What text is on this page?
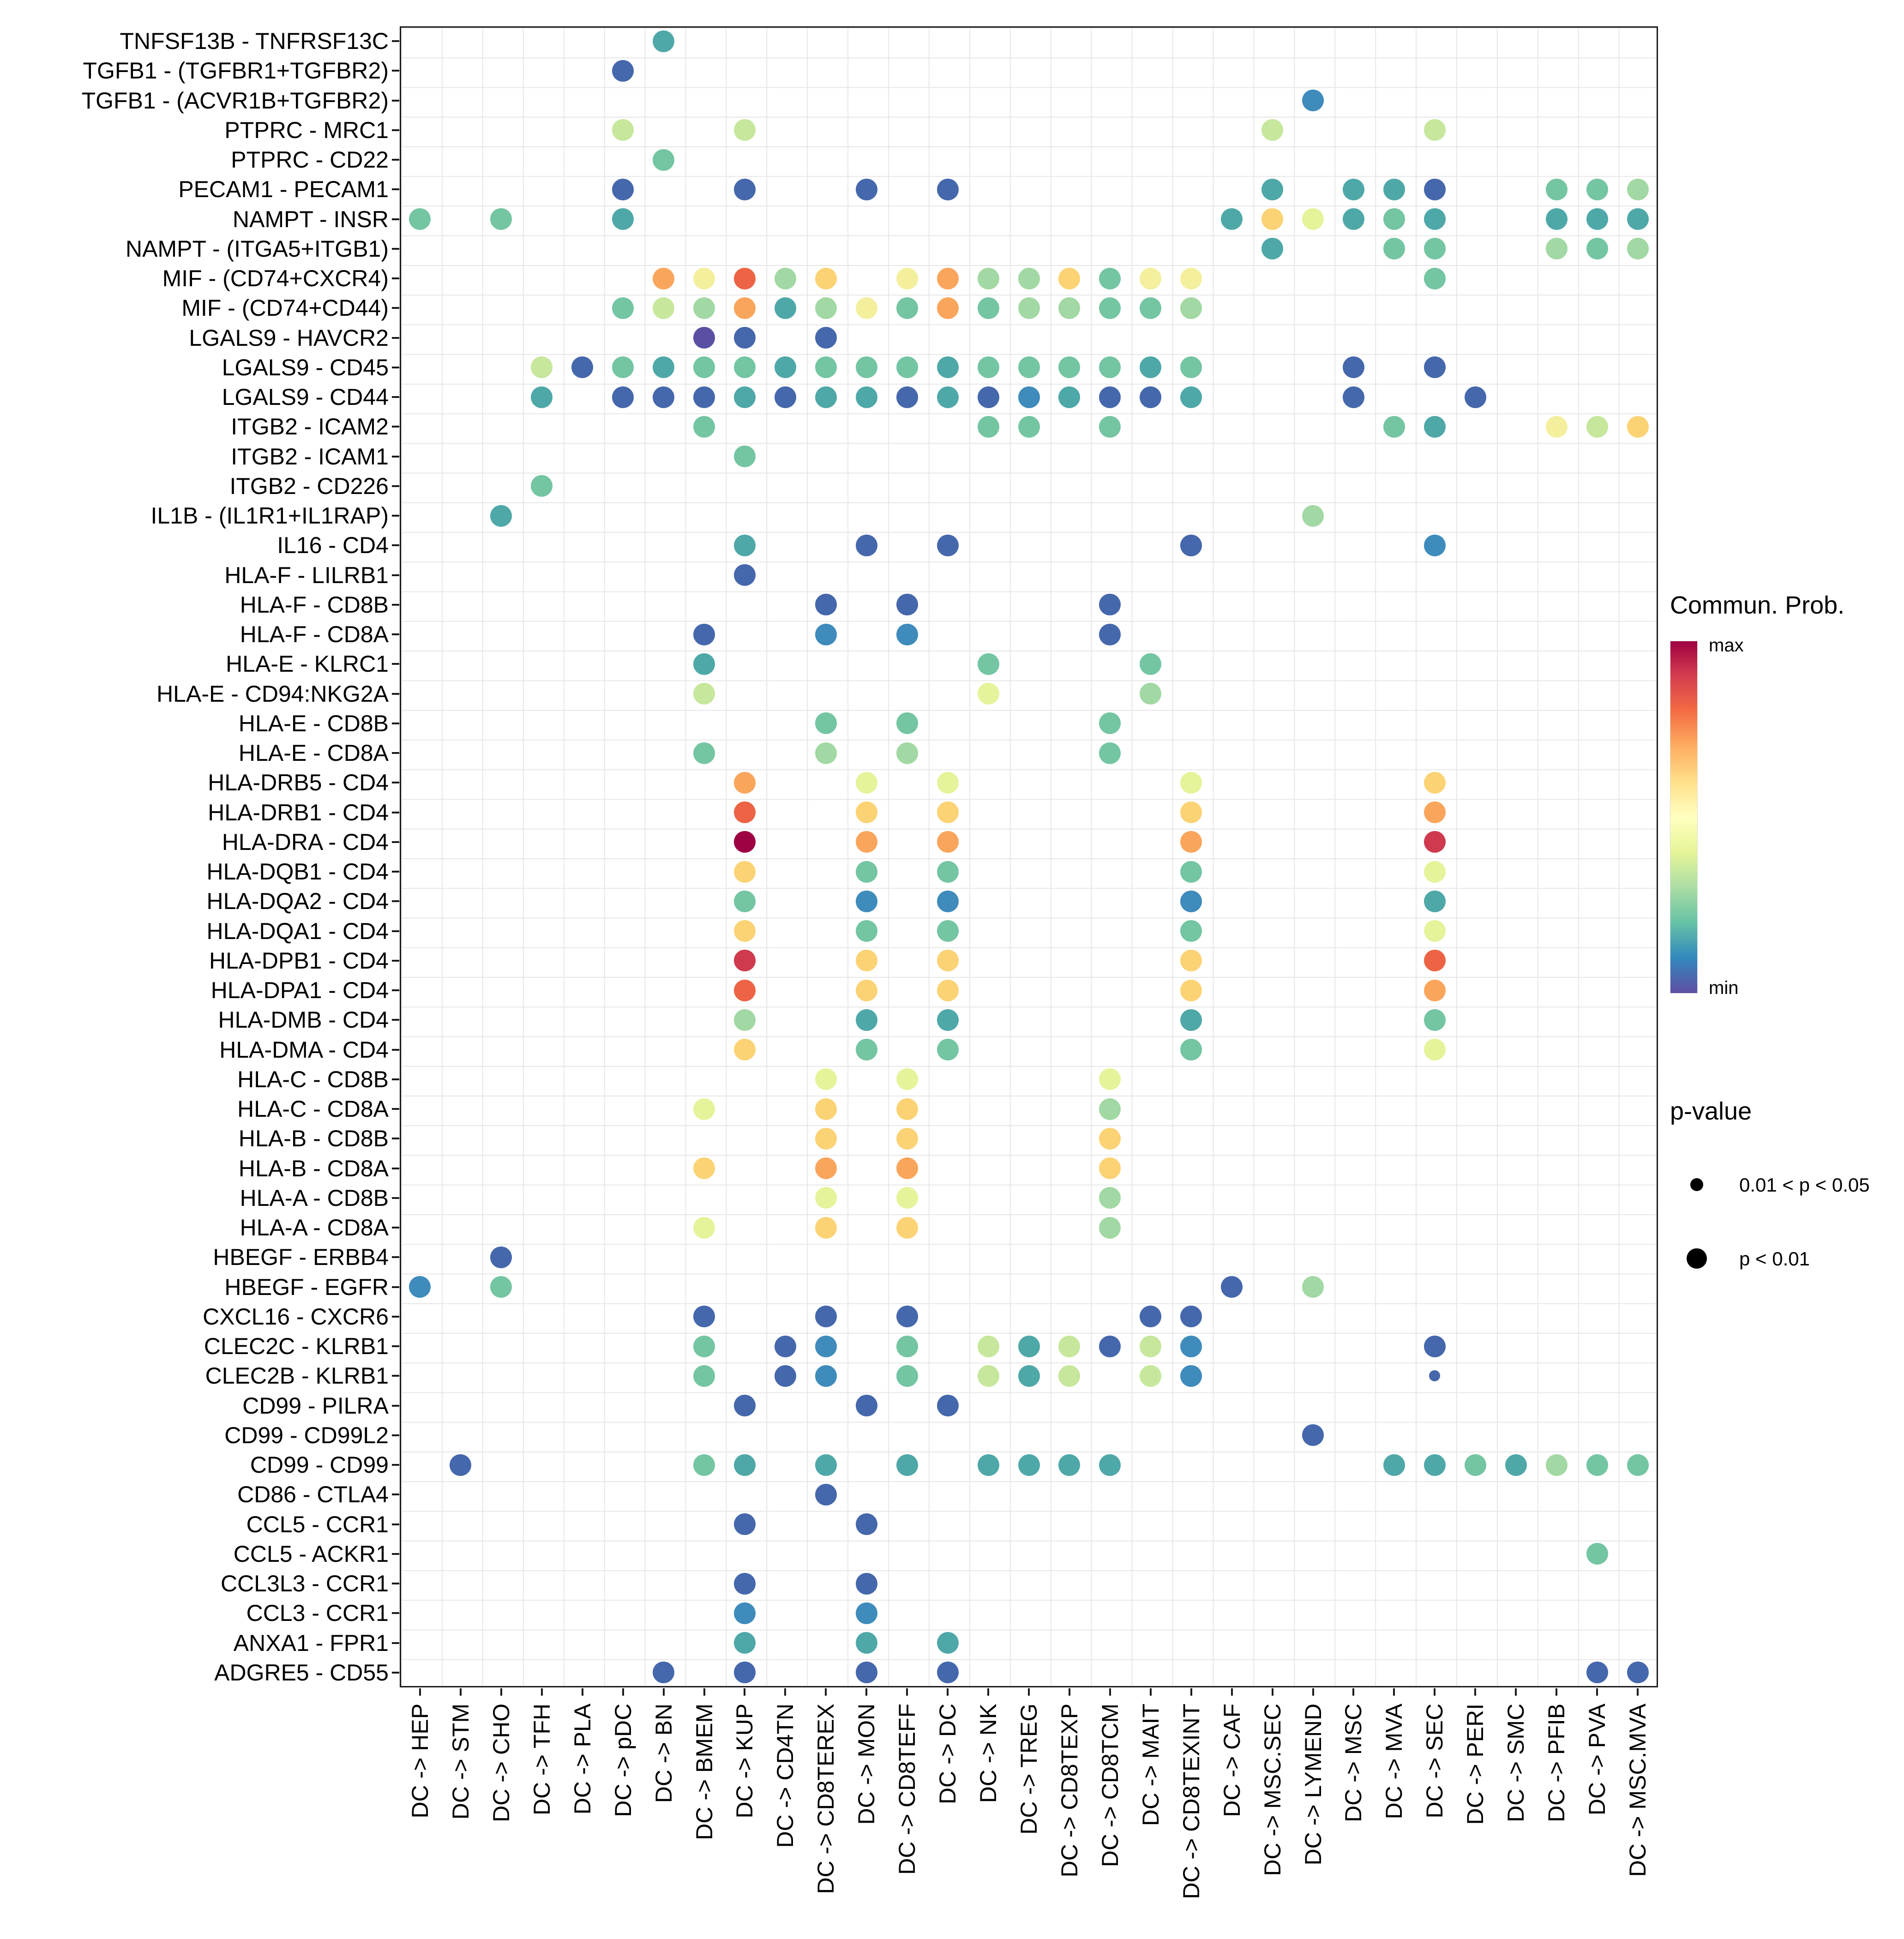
TNFSF13B - TNFRSF13C
TGFB1 - (TGFBR1+TGFBR2)
TGFB1 - (ACVR1B+TGFBR2)
PTPRC - MRC1
PTPRC - CD22
PECAM1 - PECAM1
NAMPT - INSR
NAMPT - (ITGA5+ITGB1)
MIF - (CD74+CXCR4)
MIF - (CD74+CD44)
LGALS9 - HAVCR2
LGALS9 - CD45
LGALS9 - CD44
ITGB2 - ICAM2
ITGB2 - ICAM1
ITGB2 - CD226
IL1B - (IL1R1+IL1RAP)
IL16 - CD4
HLA-F - LILRB1
HLA-F - CD8B
HLA-F - CD8A
HLA-E - KLRC1
HLA-E - CD94:NKG2A
HLA-E - CD8B
HLA-E - CD8A
HLA-DRB5 - CD4
HLA-DRB1 - CD4
HLA-DRA - CD4
HLA-DQB1 - CD4
HLA-DQA2 - CD4
HLA-DQA1 - CD4
HLA-DPB1 - CD4
HLA-DPA1 - CD4
HLA-DMB - CD4
HLA-DMA - CD4
HLA-C - CD8B
HLA-C - CD8A
HLA-B - CD8B
HLA-B - CD8A
HLA-A - CD8B
HLA-A - CD8A
HBEGF - ERBB4
HBEGF - EGFR
CXCL16 - CXCR6
CLEC2C - KLRB1
CLEC2B - KLRB1
CD99 - PILRA
CD99 - CD99L2
CD99 - CD99
CD86 - CTLA4
CCL5 - CCR1
CCL5 - ACKR1
CCL3L3 - CCR1
CCL3 - CCR1
ANXA1 - FPR1
ADGRE5 - CD55
DC -> HEP DC -> STM DC -> CHO DC -> TFH DC -> PLA DC -> pDC DC -> BN DC -> BMEM DC -> KUP DC -> CD4TN DC -> CD8TEREX DC -> MON DC -> CD8TEFF DC -> DC DC -> NK DC -> TREG DC -> CD8TEXP DC -> CD8TCM DC -> MAIT DC -> CD8TEXINT DC -> CAF DC -> MSC.SEC DC -> LYMEND DC -> MSC DC -> MVA DC -> SEC DC -> PERI DC -> SMC DC -> PFIB DC -> PVA DC -> MSC.MVA
Commun. Prob.
max
min
p-value
0.01 < p < 0.05
p < 0.01
